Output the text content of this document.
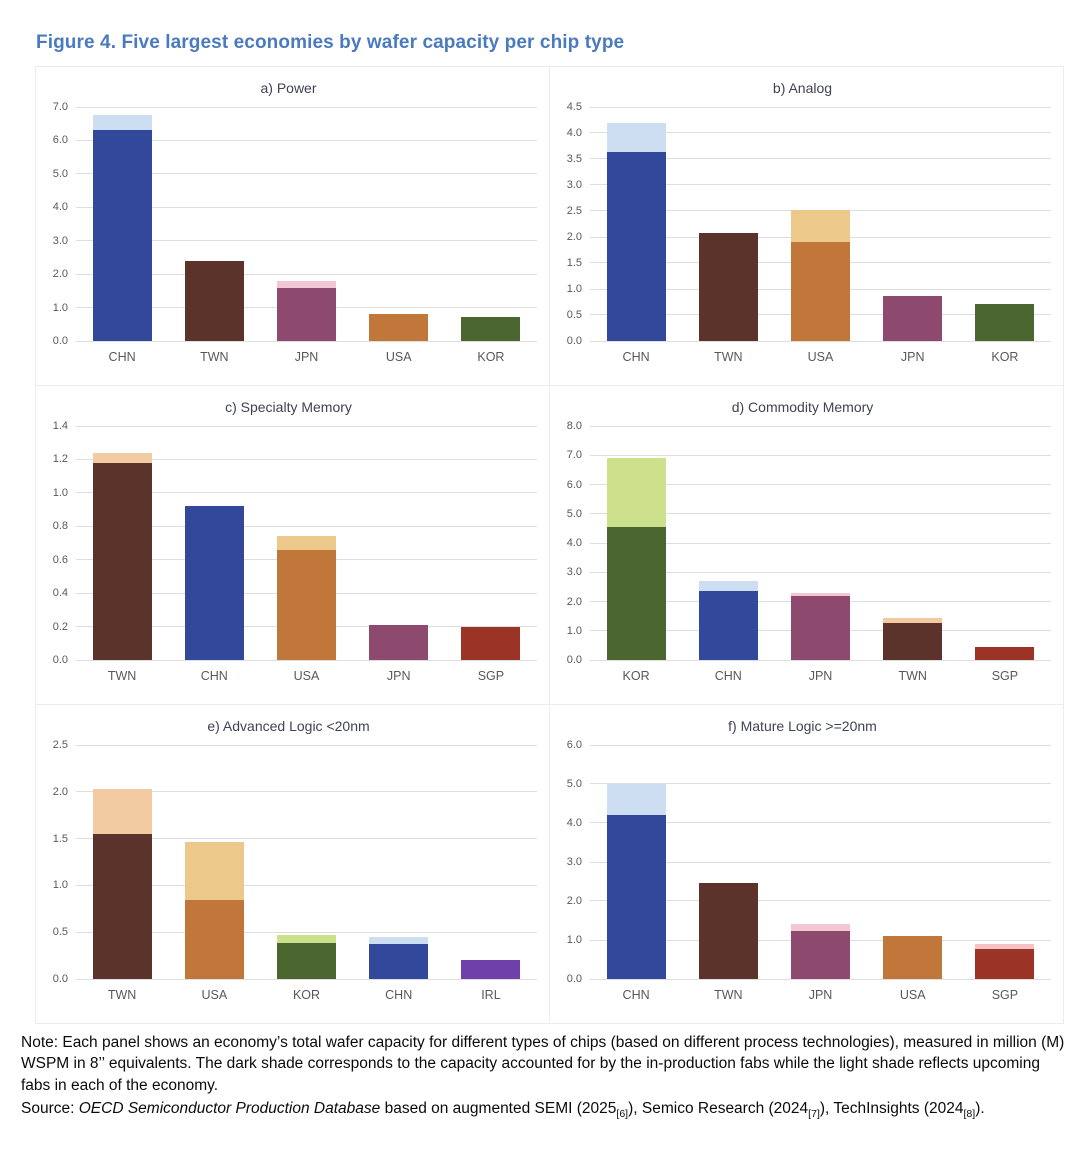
Figure 4. Five largest economies by wafer capacity per chip type
a) Power
0.0
1.0
2.0
3.0
4.0
5.0
6.0
7.0
CHN	TWN	JPN	USA	KOR
b) Analog
0.0
0.5
1.0
1.5
2.0
2.5
3.0
3.5
4.0
4.5
CHN	TWN	USA	JPN	KOR
c) Specialty Memory
0.0
0.2
0.4
0.6
0.8
1.0
1.2
1.4
TWN	CHN	USA	JPN	SGP
d) Commodity Memory
0.0
1.0
2.0
3.0
4.0
5.0
6.0
7.0
8.0
KOR	CHN	JPN	TWN	SGP
e) Advanced Logic <20nm
0.0
0.5
1.0
1.5
2.0
2.5
TWN	USA	KOR	CHN	IRL
f) Mature Logic >=20nm
0.0
1.0
2.0
3.0
4.0
5.0
6.0
CHN	TWN	JPN	USA	SGP
Note: Each panel shows an economy’s total wafer capacity for different types of chips (based on different process technologies), measured in million (M) WSPM in 8’’ equivalents. The dark shade corresponds to the capacity accounted for by the in-production fabs while the light shade reflects upcoming fabs in each of the economy.
Source: OECD Semiconductor Production Database based on augmented SEMI $(2025_{[6]})$, Semico Research $(2024_{[7]})$, TechInsights $(2024_{[8]})$.
